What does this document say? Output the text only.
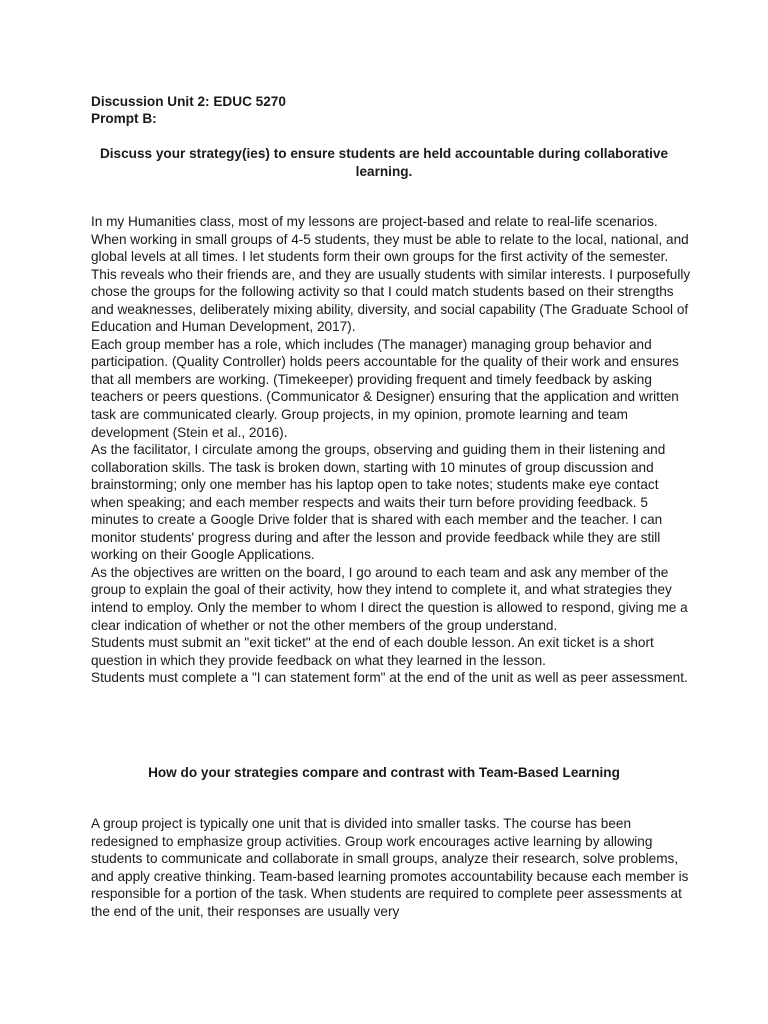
Discussion Unit 2: EDUC 5270
Prompt B:
Discuss your strategy(ies) to ensure students are held accountable during collaborative learning.

In my Humanities class, most of my lessons are project-based and relate to real-life scenarios. When working in small groups of 4-5 students, they must be able to relate to the local, national, and global levels at all times. I let students form their own groups for the first activity of the semester. This reveals who their friends are, and they are usually students with similar interests. I purposefully chose the groups for the following activity so that I could match students based on their strengths and weaknesses, deliberately mixing ability, diversity, and social capability (The Graduate School of Education and Human Development, 2017).

Each group member has a role, which includes (The manager) managing group behavior and participation. (Quality Controller) holds peers accountable for the quality of their work and ensures that all members are working. (Timekeeper) providing frequent and timely feedback by asking teachers or peers questions. (Communicator & Designer) ensuring that the application and written task are communicated clearly. Group projects, in my opinion, promote learning and team development (Stein et al., 2016).

As the facilitator, I circulate among the groups, observing and guiding them in their listening and collaboration skills. The task is broken down, starting with 10 minutes of group discussion and brainstorming; only one member has his laptop open to take notes; students make eye contact when speaking; and each member respects and waits their turn before providing feedback. 5 minutes to create a Google Drive folder that is shared with each member and the teacher. I can monitor students' progress during and after the lesson and provide feedback while they are still working on their Google Applications.

As the objectives are written on the board, I go around to each team and ask any member of the group to explain the goal of their activity, how they intend to complete it, and what strategies they intend to employ. Only the member to whom I direct the question is allowed to respond, giving me a clear indication of whether or not the other members of the group understand.

Students must submit an "exit ticket" at the end of each double lesson. An exit ticket is a short question in which they provide feedback on what they learned in the lesson.

Students must complete a "I can statement form" at the end of the unit as well as peer assessment.

How do your strategies compare and contrast with Team-Based Learning

A group project is typically one unit that is divided into smaller tasks. The course has been redesigned to emphasize group activities. Group work encourages active learning by allowing students to communicate and collaborate in small groups, analyze their research, solve problems, and apply creative thinking. Team-based learning promotes accountability because each member is responsible for a portion of the task. When students are required to complete peer assessments at the end of the unit, their responses are usually very
